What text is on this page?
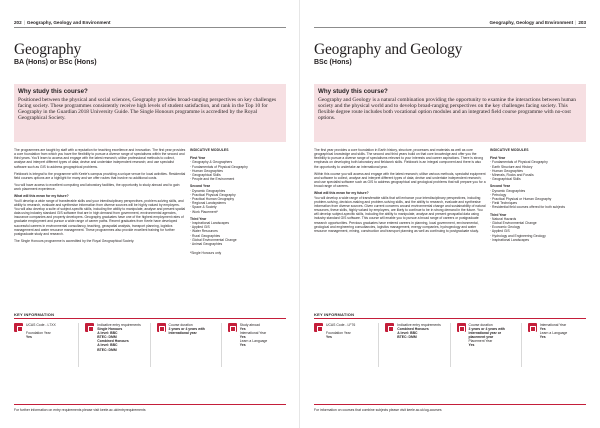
202 | Geography, Geology and Environment
Geography
BA (Hons) or BSc (Hons)
Why study this course?

Positioned between the physical and social sciences, Geography provides broad-ranging perspectives on key challenges facing society. These programmes consistently receive high levels of student satisfaction, and rank in the Top 10 for Geography in the Guardian 2018 University Guide. The Single Honours programme is accredited by the Royal Geographical Society.

The programmes are taught by staff with a reputation for teaching excellence and innovation. The first year provides a core foundation from which you have the flexibility to pursue a diverse range of specialisms within the second and third years. You'll learn to access and engage with the latest research; utilise professional methods to collect, analyse and interpret different types of data; devise and undertake independent research; and use specialist software such as GIS to address geographical problems.

Fieldwork is integral to the programme with Keele's campus providing a unique venue for local activities. Residential field courses options are a highlight for many and we offer routes that involve no additional costs.

You will have access to excellent computing and laboratory facilities, the opportunity to study abroad and to gain work placement experience.

What will this mean for my future?

You'll develop a wide range of transferable skills and your interdisciplinary perspectives, problem-solving skills, and ability to research, evaluate and synthesise information from diverse sources will be highly valued by employers. You will also develop a suite of subject-specific skills, including the ability to manipulate, analyse and present spatial data using industry standard GIS software that are in high demand from government, environmental agencies, insurance companies and property developers. Geography graduates have one of the highest employment rates of graduate employment and pursue a wide range of career paths. Recent graduates from Keele have developed successful careers in environmental consultancy, teaching, geospatial analysis, transport planning, logistics management and water resource management. These programmes also provide excellent training for further postgraduate study and research.

The Single Honours programme is accredited by the Royal Geographical Society.

INDICATIVE MODULES
First Year
· Geography & Geographers
· Fundamentals of Physical Geography
· Human Geographies
· Geographical Skills
· People and the Environment
Second Year
· Dynamic Geographies
· Practical Physical Geography
· Practical Human Geography
· Regional Landsystems
· Space & Society
· Work Placement*
Third Year
· Inspirational Landscapes
· Applied GIS
· Water Resources
· Rural Geographies
· Global Environmental Change
· Animal Geographies
*Single Honours only
KEY INFORMATION
UCAS Code - L7XX

Foundation Year
Yes
Indicative entry requirements
Single Honours
A level: BBC
BTEC: DMM
Combined Honours
A level: BBC
BTEC: DMM
Course duration
3 years or 4 years with international year
Study abroad
Yes
International Year
Yes
Learn a Language
Yes
For further information on entry requirements please visit keele.ac.uk/entryrequirements
Geography, Geology and Environment | 203
Geography and Geology
BSc (Hons)
Why study this course?

Geography and Geology is a natural combination providing the opportunity to examine the interactions between human society and the physical world and to develop broad-ranging perspectives on the key challenges facing society. This flexible degree route includes both vocational option modules and an integrated field course programme with no-cost options.

The first year provides a core foundation in Earth history, structure, processes and materials as well as core geographical knowledge and skills. The second and third years build on that core knowledge and offer you the flexibility to pursue a diverse range of specialisms relevant to your interests and career aspirations. There is strong emphasis on developing both laboratory and fieldwork skills. Fieldwork is an integral component and there is also the opportunity to undertake an international year.

Within this course you will access and engage with the latest research; utilise various methods, specialist equipment and software to collect, analyse and interpret different types of data; devise and undertake independent research; and use specialist software such as GIS to address geographical and geological problems that will prepare you for a broad range of careers.

What will this mean for my future?

You will develop a wide range of transferable skills that will enhance your interdisciplinary perspectives, including problem-solving, decision-making and problem-solving skills, and the ability to research, evaluate and synthesise information from diverse sources. Given current concerns around environmental change and sustainability of natural resources, these skills, highly valued by employers, are likely to continue to be in strong demand in the future. You will develop subject-specific skills, including the ability to manipulate, analyse and present geospatial data using industry standard GIS software. This course will enable you to pursue a broad range of careers or postgraduate research opportunities. Previous graduates have entered careers in planning, local government, environmental, geological and engineering consultancies, logistics management, energy companies, hydrogeology and water resource management, mining, construction and transport planning as well as continuing to postgraduate study.

INDICATIVE MODULES
First Year
· Fundamentals of Physical Geography
· Earth Structure and History
· Human Geographies
· Minerals, Rocks and Fossils
· Geographical Skills
Second Year
· Dynamic Geographies
· Petrology
· Practical Physical or Human Geography
· Field Techniques
· Residential field courses offered for both subjects
Third Year
· Natural Hazards
· Global Environmental Change
· Economic Geology
· Applied GIS
· Hydrology and Engineering Geology
· Inspirational Landscapes
KEY INFORMATION
UCAS Code - LF76

Foundation Year
Yes
Indicative entry requirements
Combined Honours
A level: BBC
BTEC: DMM
Course duration
3 years or 4 years with international year or placement year
Placement Year
Yes
International Year
Yes
Learn a Language
Yes
For information on courses that combine subjects please visit keele.ac.uk/ug-courses
